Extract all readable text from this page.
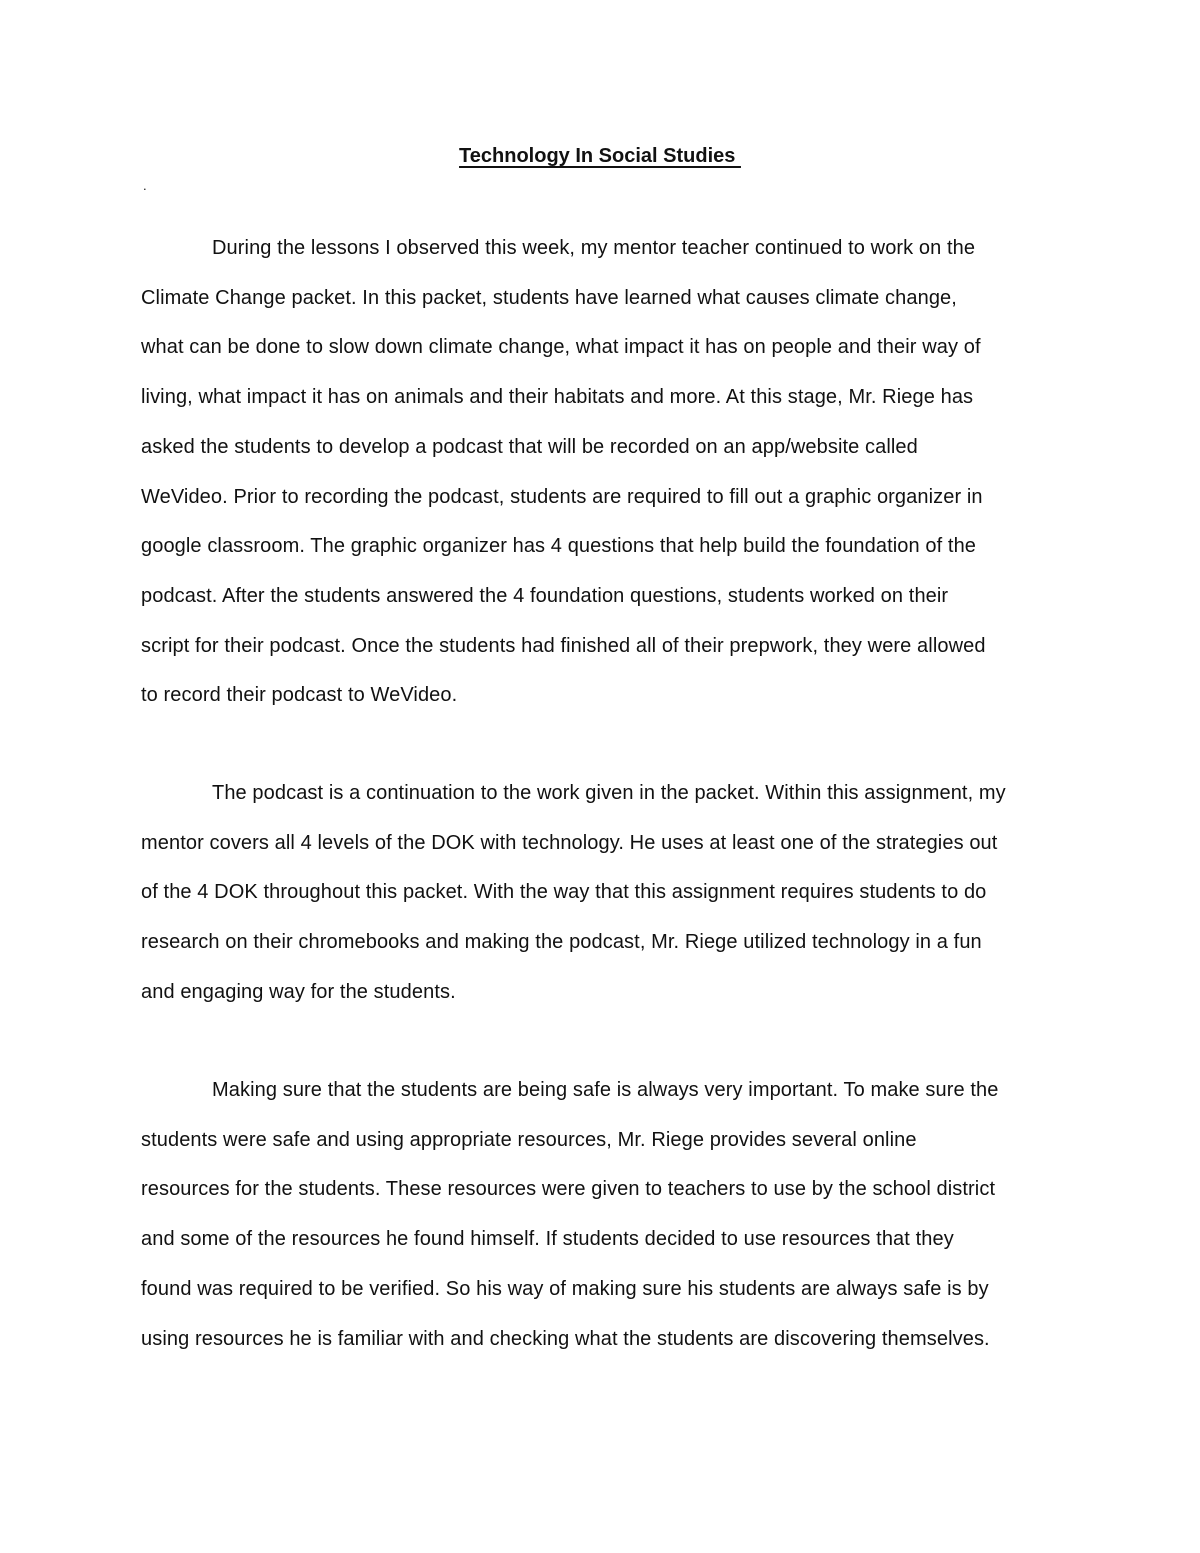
Technology In Social Studies
.
During the lessons I observed this week, my mentor teacher continued to work on the
Climate Change packet. In this packet, students have learned what causes climate change,
what can be done to slow down climate change, what impact it has on people and their way of
living, what impact it has on animals and their habitats and more. At this stage, Mr. Riege has
asked the students to develop a podcast that will be recorded on an app/website called
WeVideo. Prior to recording the podcast, students are required to fill out a graphic organizer in
google classroom. The graphic organizer has 4 questions that help build the foundation of the
podcast. After the students answered the 4 foundation questions, students worked on their
script for their podcast. Once the students had finished all of their prepwork, they were allowed
to record their podcast to WeVideo.
The podcast is a continuation to the work given in the packet. Within this assignment, my
mentor covers all 4 levels of the DOK with technology. He uses at least one of the strategies out
of the 4 DOK throughout this packet. With the way that this assignment requires students to do
research on their chromebooks and making the podcast, Mr. Riege utilized technology in a fun
and engaging way for the students.
Making sure that the students are being safe is always very important. To make sure the
students were safe and using appropriate resources, Mr. Riege provides several online
resources for the students. These resources were given to teachers to use by the school district
and some of the resources he found himself. If students decided to use resources that they
found was required to be verified. So his way of making sure his students are always safe is by
using resources he is familiar with and checking what the students are discovering themselves.
